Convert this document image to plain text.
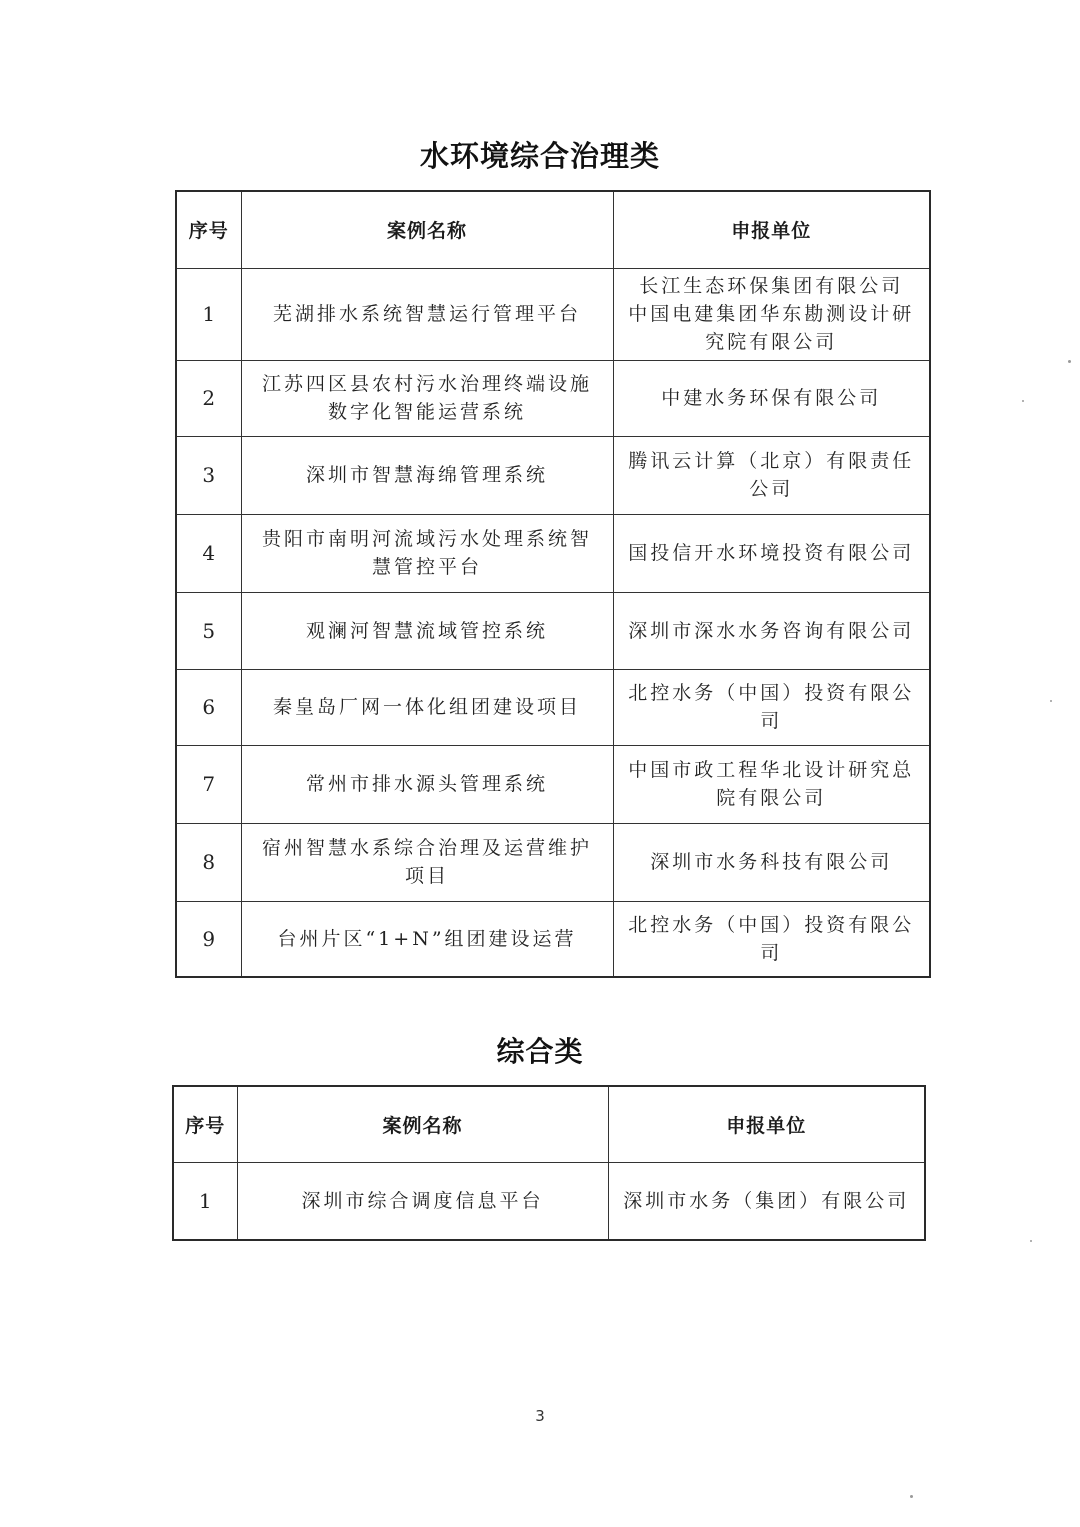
水环境综合治理类
序号	案例名称	申报单位
1	芜湖排水系统智慧运行管理平台	长江生态环保集团有限公司
中国电建集团华东勘测设计研究院有限公司
2	江苏四区县农村污水治理终端设施数字化智能运营系统	中建水务环保有限公司
3	深圳市智慧海绵管理系统	腾讯云计算（北京）有限责任公司
4	贵阳市南明河流域污水处理系统智慧管控平台	国投信开水环境投资有限公司
5	观澜河智慧流域管控系统	深圳市深水水务咨询有限公司
6	秦皇岛厂网一体化组团建设项目	北控水务（中国）投资有限公司
7	常州市排水源头管理系统	中国市政工程华北设计研究总院有限公司
8	宿州智慧水系综合治理及运营维护项目	深圳市水务科技有限公司
9	台州片区“1+N”组团建设运营	北控水务（中国）投资有限公司
综合类
序号	案例名称	申报单位
1	深圳市综合调度信息平台	深圳市水务（集团）有限公司
3
